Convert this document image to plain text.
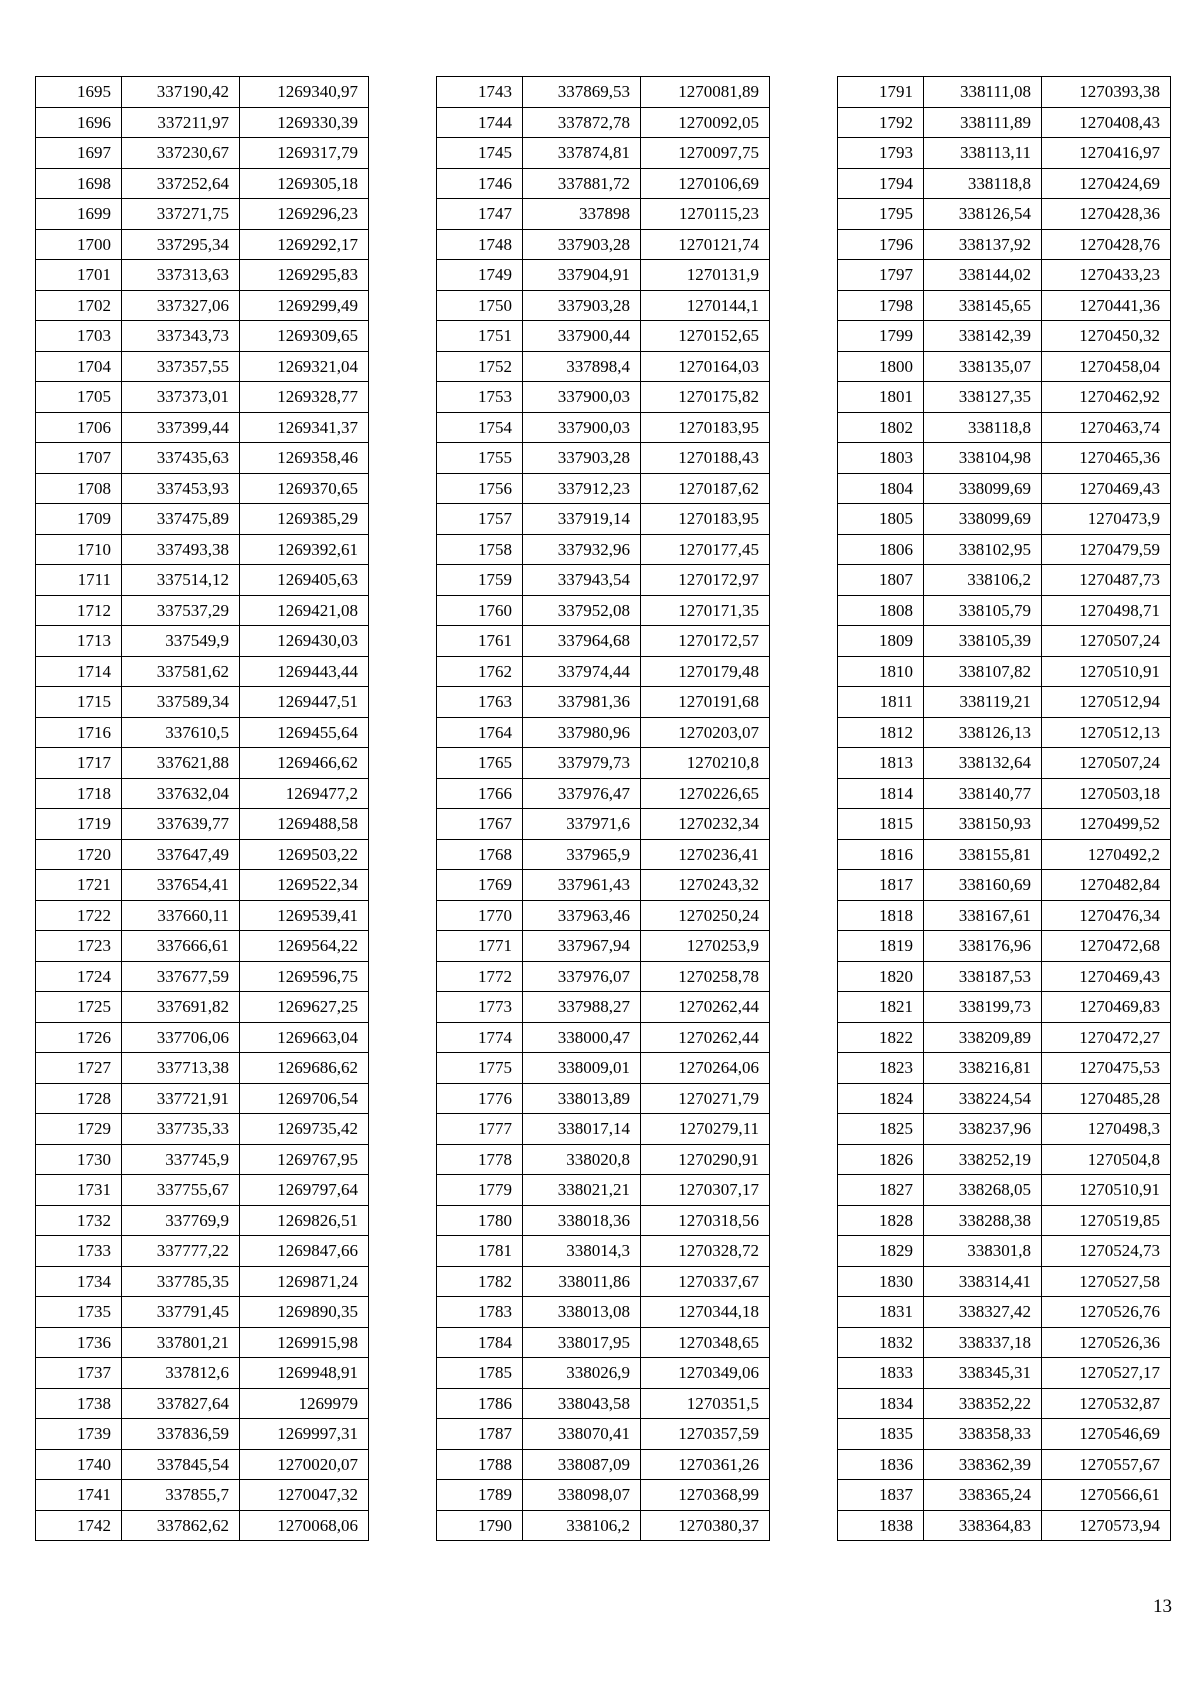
1695	337190,42	1269340,97
1696	337211,97	1269330,39
1697	337230,67	1269317,79
1698	337252,64	1269305,18
1699	337271,75	1269296,23
1700	337295,34	1269292,17
1701	337313,63	1269295,83
1702	337327,06	1269299,49
1703	337343,73	1269309,65
1704	337357,55	1269321,04
1705	337373,01	1269328,77
1706	337399,44	1269341,37
1707	337435,63	1269358,46
1708	337453,93	1269370,65
1709	337475,89	1269385,29
1710	337493,38	1269392,61
1711	337514,12	1269405,63
1712	337537,29	1269421,08
1713	337549,9	1269430,03
1714	337581,62	1269443,44
1715	337589,34	1269447,51
1716	337610,5	1269455,64
1717	337621,88	1269466,62
1718	337632,04	1269477,2
1719	337639,77	1269488,58
1720	337647,49	1269503,22
1721	337654,41	1269522,34
1722	337660,11	1269539,41
1723	337666,61	1269564,22
1724	337677,59	1269596,75
1725	337691,82	1269627,25
1726	337706,06	1269663,04
1727	337713,38	1269686,62
1728	337721,91	1269706,54
1729	337735,33	1269735,42
1730	337745,9	1269767,95
1731	337755,67	1269797,64
1732	337769,9	1269826,51
1733	337777,22	1269847,66
1734	337785,35	1269871,24
1735	337791,45	1269890,35
1736	337801,21	1269915,98
1737	337812,6	1269948,91
1738	337827,64	1269979
1739	337836,59	1269997,31
1740	337845,54	1270020,07
1741	337855,7	1270047,32
1742	337862,62	1270068,06
1743	337869,53	1270081,89
1744	337872,78	1270092,05
1745	337874,81	1270097,75
1746	337881,72	1270106,69
1747	337898	1270115,23
1748	337903,28	1270121,74
1749	337904,91	1270131,9
1750	337903,28	1270144,1
1751	337900,44	1270152,65
1752	337898,4	1270164,03
1753	337900,03	1270175,82
1754	337900,03	1270183,95
1755	337903,28	1270188,43
1756	337912,23	1270187,62
1757	337919,14	1270183,95
1758	337932,96	1270177,45
1759	337943,54	1270172,97
1760	337952,08	1270171,35
1761	337964,68	1270172,57
1762	337974,44	1270179,48
1763	337981,36	1270191,68
1764	337980,96	1270203,07
1765	337979,73	1270210,8
1766	337976,47	1270226,65
1767	337971,6	1270232,34
1768	337965,9	1270236,41
1769	337961,43	1270243,32
1770	337963,46	1270250,24
1771	337967,94	1270253,9
1772	337976,07	1270258,78
1773	337988,27	1270262,44
1774	338000,47	1270262,44
1775	338009,01	1270264,06
1776	338013,89	1270271,79
1777	338017,14	1270279,11
1778	338020,8	1270290,91
1779	338021,21	1270307,17
1780	338018,36	1270318,56
1781	338014,3	1270328,72
1782	338011,86	1270337,67
1783	338013,08	1270344,18
1784	338017,95	1270348,65
1785	338026,9	1270349,06
1786	338043,58	1270351,5
1787	338070,41	1270357,59
1788	338087,09	1270361,26
1789	338098,07	1270368,99
1790	338106,2	1270380,37
1791	338111,08	1270393,38
1792	338111,89	1270408,43
1793	338113,11	1270416,97
1794	338118,8	1270424,69
1795	338126,54	1270428,36
1796	338137,92	1270428,76
1797	338144,02	1270433,23
1798	338145,65	1270441,36
1799	338142,39	1270450,32
1800	338135,07	1270458,04
1801	338127,35	1270462,92
1802	338118,8	1270463,74
1803	338104,98	1270465,36
1804	338099,69	1270469,43
1805	338099,69	1270473,9
1806	338102,95	1270479,59
1807	338106,2	1270487,73
1808	338105,79	1270498,71
1809	338105,39	1270507,24
1810	338107,82	1270510,91
1811	338119,21	1270512,94
1812	338126,13	1270512,13
1813	338132,64	1270507,24
1814	338140,77	1270503,18
1815	338150,93	1270499,52
1816	338155,81	1270492,2
1817	338160,69	1270482,84
1818	338167,61	1270476,34
1819	338176,96	1270472,68
1820	338187,53	1270469,43
1821	338199,73	1270469,83
1822	338209,89	1270472,27
1823	338216,81	1270475,53
1824	338224,54	1270485,28
1825	338237,96	1270498,3
1826	338252,19	1270504,8
1827	338268,05	1270510,91
1828	338288,38	1270519,85
1829	338301,8	1270524,73
1830	338314,41	1270527,58
1831	338327,42	1270526,76
1832	338337,18	1270526,36
1833	338345,31	1270527,17
1834	338352,22	1270532,87
1835	338358,33	1270546,69
1836	338362,39	1270557,67
1837	338365,24	1270566,61
1838	338364,83	1270573,94
13
